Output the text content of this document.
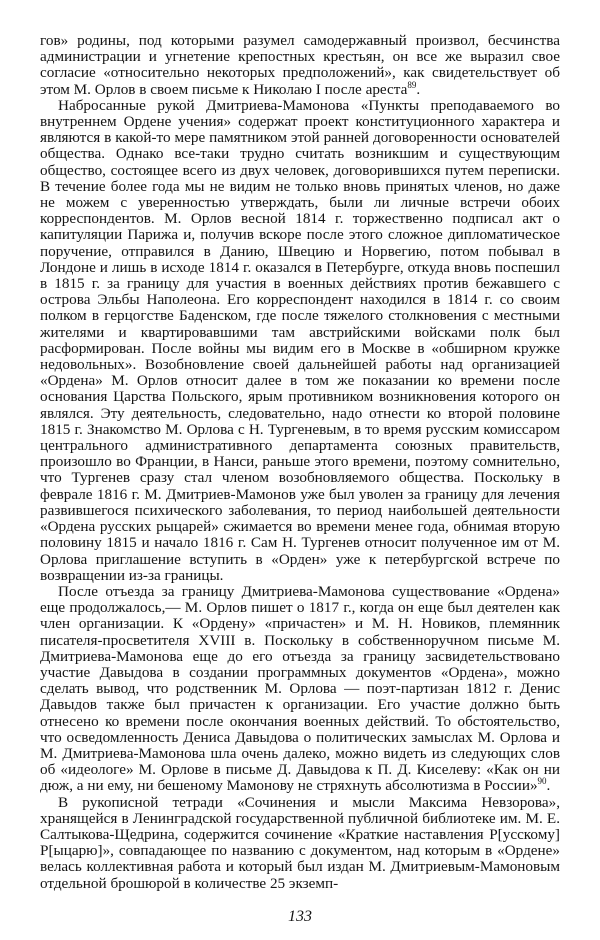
гов» родины, под которыми разумел самодержавный произвол, бесчинства администрации и угнетение крепостных крестьян, он все же выразил свое согласие «относительно некоторых предположений», как свидетельствует об этом М. Орлов в своем письме к Николаю I после ареста$^{89}$.

Набросанные рукой Дмитриева-Мамонова «Пункты преподаваемого во внутреннем Ордене учения» содержат проект конституционного характера и являются в какой-то мере памятником этой ранней договоренности основателей общества. Однако все-таки трудно считать возникшим и существующим общество, состоящее всего из двух человек, договорившихся путем переписки. В течение более года мы не видим не только вновь принятых членов, но даже не можем с уверенностью утверждать, были ли личные встречи обоих корреспондентов. М. Орлов весной 1814 г. торжественно подписал акт о капитуляции Парижа и, получив вскоре после этого сложное дипломатическое поручение, отправился в Данию, Швецию и Норвегию, потом побывал в Лондоне и лишь в исходе 1814 г. оказался в Петербурге, откуда вновь поспешил в 1815 г. за границу для участия в военных действиях против бежавшего с острова Эльбы Наполеона. Его корреспондент находился в 1814 г. со своим полком в герцогстве Баденском, где после тяжелого столкновения с местными жителями и квартировавшими там австрийскими войсками полк был расформирован. После войны мы видим его в Москве в «обширном кружке недовольных». Возобновление своей дальнейшей работы над организацией «Ордена» М. Орлов относит далее в том же показании ко времени после основания Царства Польского, ярым противником возникновения которого он являлся. Эту деятельность, следовательно, надо отнести ко второй половине 1815 г. Знакомство М. Орлова с Н. Тургеневым, в то время русским комиссаром центрального административного департамента союзных правительств, произошло во Франции, в Нанси, раньше этого времени, поэтому сомнительно, что Тургенев сразу стал членом возобновляемого общества. Поскольку в феврале 1816 г. М. Дмитриев-Мамонов уже был уволен за границу для лечения развившегося психического заболевания, то период наибольшей деятельности «Ордена русских рыцарей» сжимается во времени менее года, обнимая вторую половину 1815 и начало 1816 г. Сам Н. Тургенев относит полученное им от М. Орлова приглашение вступить в «Орден» уже к петербургской встрече по возвращении из-за границы.

После отъезда за границу Дмитриева-Мамонова существование «Ордена» еще продолжалось,— М. Орлов пишет о 1817 г., когда он еще был деятелен как член организации. К «Ордену» «причастен» и М. Н. Новиков, племянник писателя-просветителя XVIII в. Поскольку в собственноручном письме М. Дмитриева-Мамонова еще до его отъезда за границу засвидетельствовано участие Давыдова в создании программных документов «Ордена», можно сделать вывод, что родственник М. Орлова — поэт-партизан 1812 г. Денис Давыдов также был причастен к организации. Его участие должно быть отнесено ко времени после окончания военных действий. То обстоятельство, что осведомленность Дениса Давыдова о политических замыслах М. Орлова и М. Дмитриева-Мамонова шла очень далеко, можно видеть из следующих слов об «идеологе» М. Орлове в письме Д. Давыдова к П. Д. Киселеву: «Как он ни дюж, а ни ему, ни бешеному Мамонову не стряхнуть абсолютизма в России»$^{90}$.

В рукописной тетради «Сочинения и мысли Максима Невзорова», хранящейся в Ленинградской государственной публичной библиотеке им. М. Е. Салтыкова-Щедрина, содержится сочинение «Краткие наставления Р[усскому] Р[ыцарю]», совпадающее по названию с документом, над которым в «Ордене» велась коллективная работа и который был издан М. Дмитриевым-Мамоновым отдельной брошюрой в количестве 25 экземп-

133
